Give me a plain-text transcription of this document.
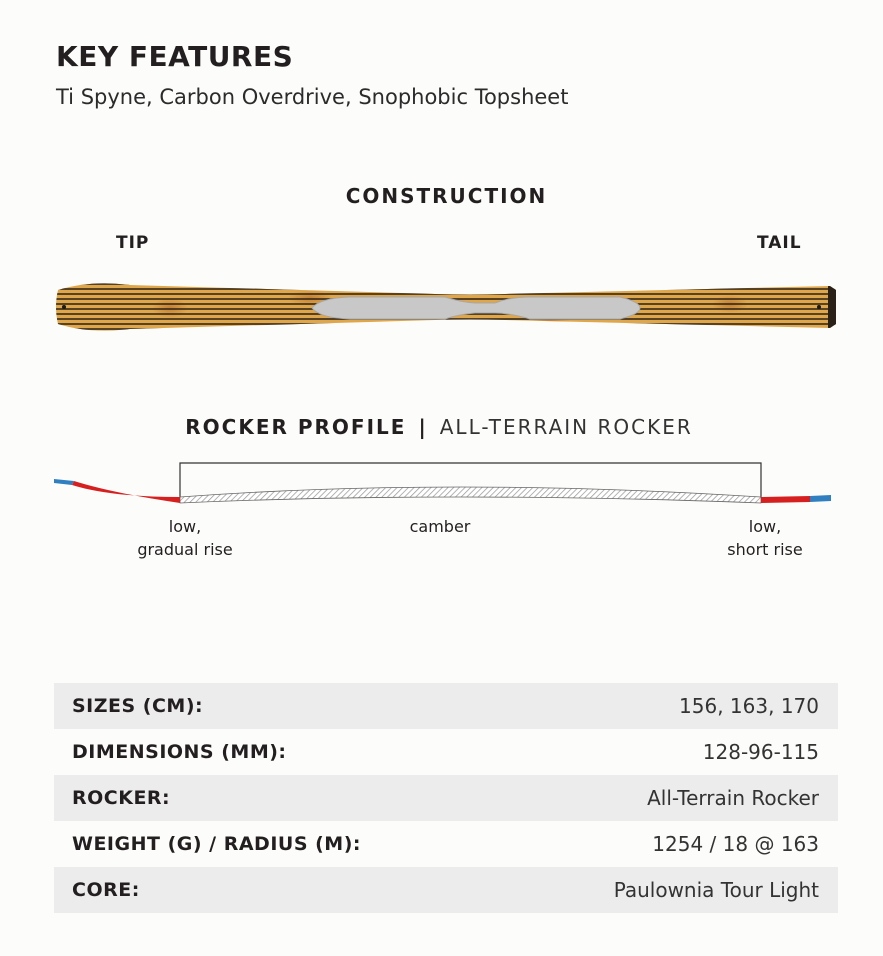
KEY FEATURES
Ti Spyne, Carbon Overdrive, Snophobic Topsheet
CONSTRUCTION
TIP	TAIL
ROCKER PROFILE | ALL-TERRAIN ROCKER
low,
gradual rise
camber	low,
short rise
SIZES (CM):	156, 163, 170
DIMENSIONS (MM):	128-96-115
ROCKER:	All-Terrain Rocker
WEIGHT (G) / RADIUS (M):	1254 / 18 @ 163
CORE:	Paulownia Tour Light
